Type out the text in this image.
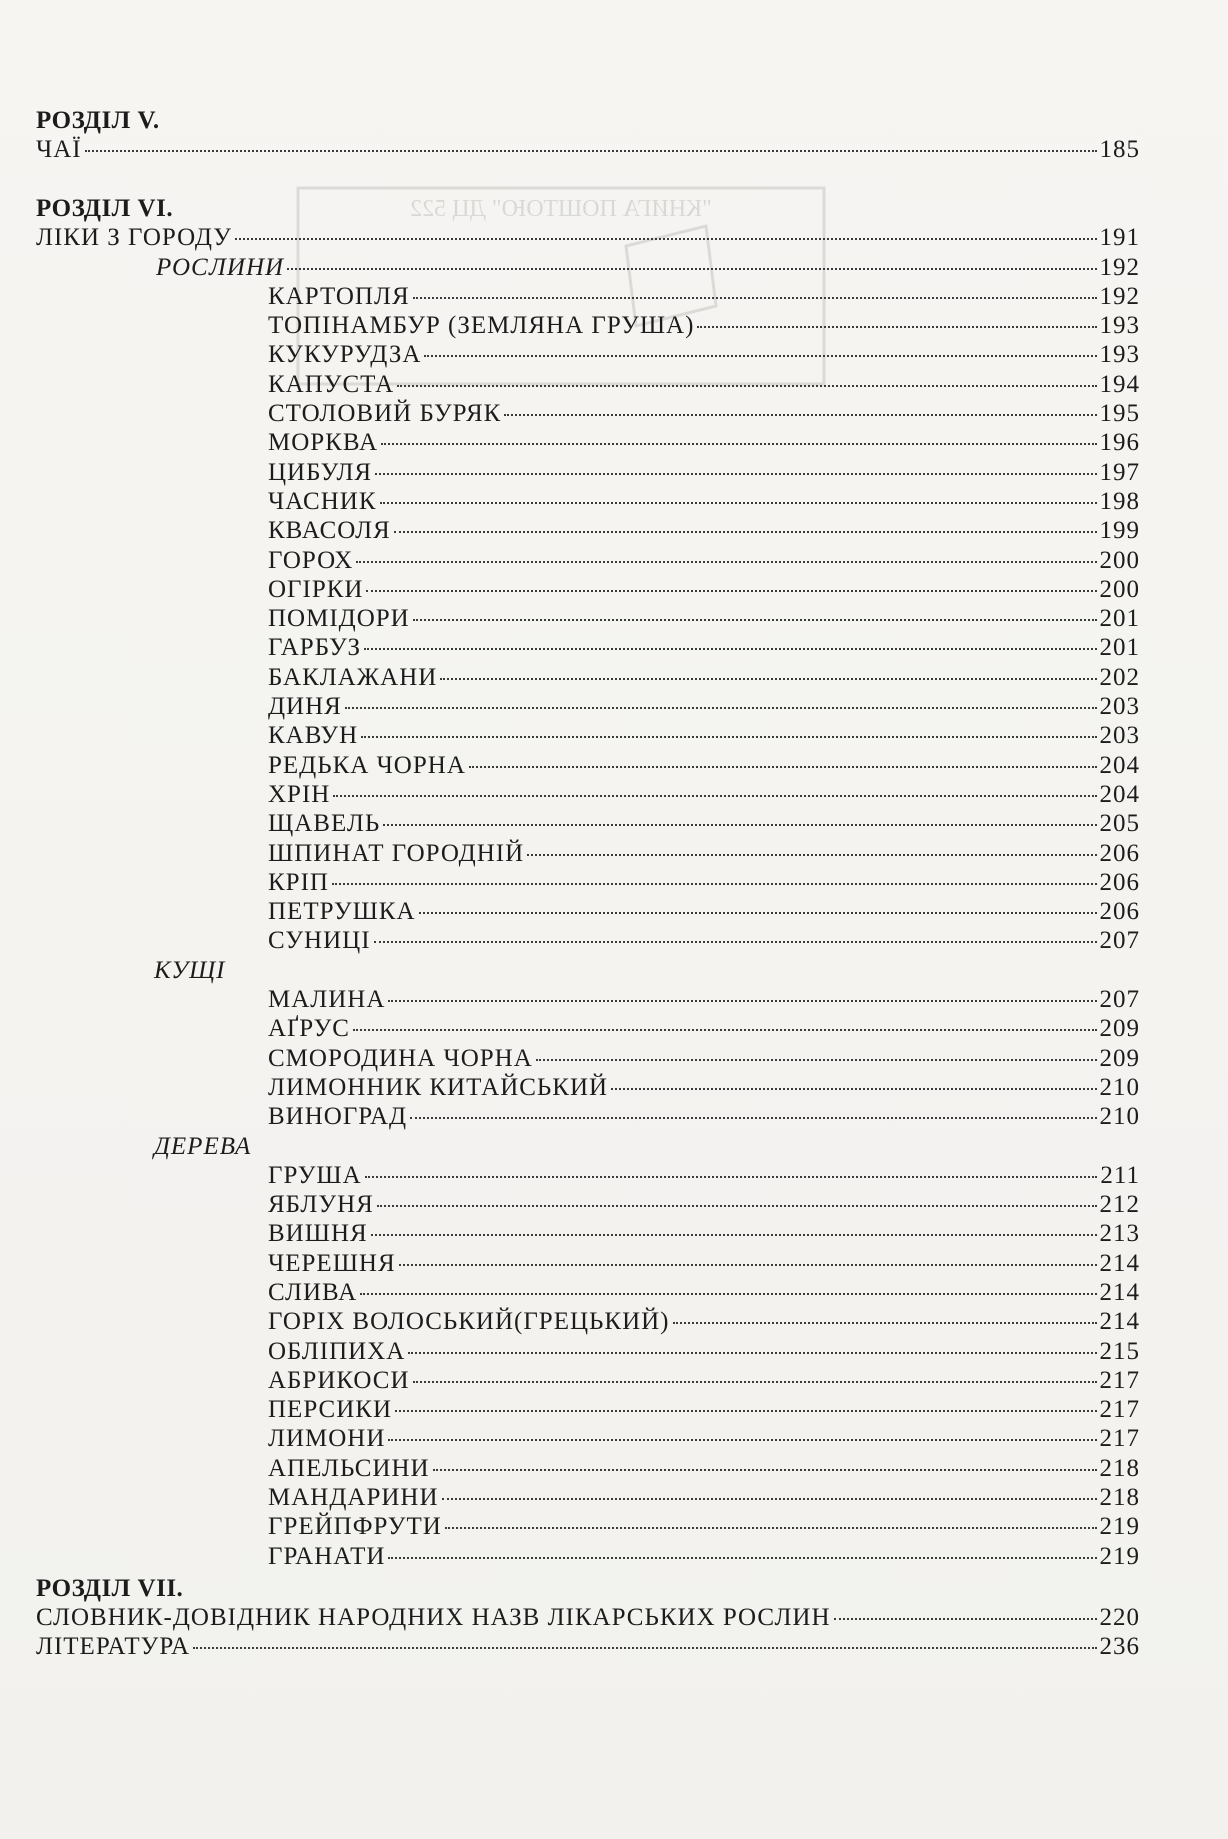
"КНИГА ПОШТОЮ" ДЦ 522
РОЗДІЛ V.
ЧАЇ	185
РОЗДІЛ VI.
ЛІКИ З ГОРОДУ	191
РОСЛИНИ	192
КАРТОПЛЯ	192
ТОПІНАМБУР (ЗЕМЛЯНА ГРУША)	193
КУКУРУДЗА	193
КАПУСТА	194
СТОЛОВИЙ БУРЯК	195
МОРКВА	196
ЦИБУЛЯ	197
ЧАСНИК	198
КВАСОЛЯ	199
ГОРОХ	200
ОГІРКИ	200
ПОМІДОРИ	201
ГАРБУЗ	201
БАКЛАЖАНИ	202
ДИНЯ	203
КАВУН	203
РЕДЬКА ЧОРНА	204
ХРІН	204
ЩАВЕЛЬ	205
ШПИНАТ ГОРОДНІЙ	206
КРІП	206
ПЕТРУШКА	206
СУНИЦІ	207
КУЩІ
МАЛИНА	207
АҐРУС	209
СМОРОДИНА ЧОРНА	209
ЛИМОННИК КИТАЙСЬКИЙ	210
ВИНОГРАД	210
ДЕРЕВА
ГРУША	211
ЯБЛУНЯ	212
ВИШНЯ	213
ЧЕРЕШНЯ	214
СЛИВА	214
ГОРІХ ВОЛОСЬКИЙ(ГРЕЦЬКИЙ)	214
ОБЛІПИХА	215
АБРИКОСИ	217
ПЕРСИКИ	217
ЛИМОНИ	217
АПЕЛЬСИНИ	218
МАНДАРИНИ	218
ГРЕЙПФРУТИ	219
ГРАНАТИ	219
РОЗДІЛ VII.
СЛОВНИК-ДОВІДНИК НАРОДНИХ НАЗВ ЛІКАРСЬКИХ РОСЛИН	220
ЛІТЕРАТУРА	236
